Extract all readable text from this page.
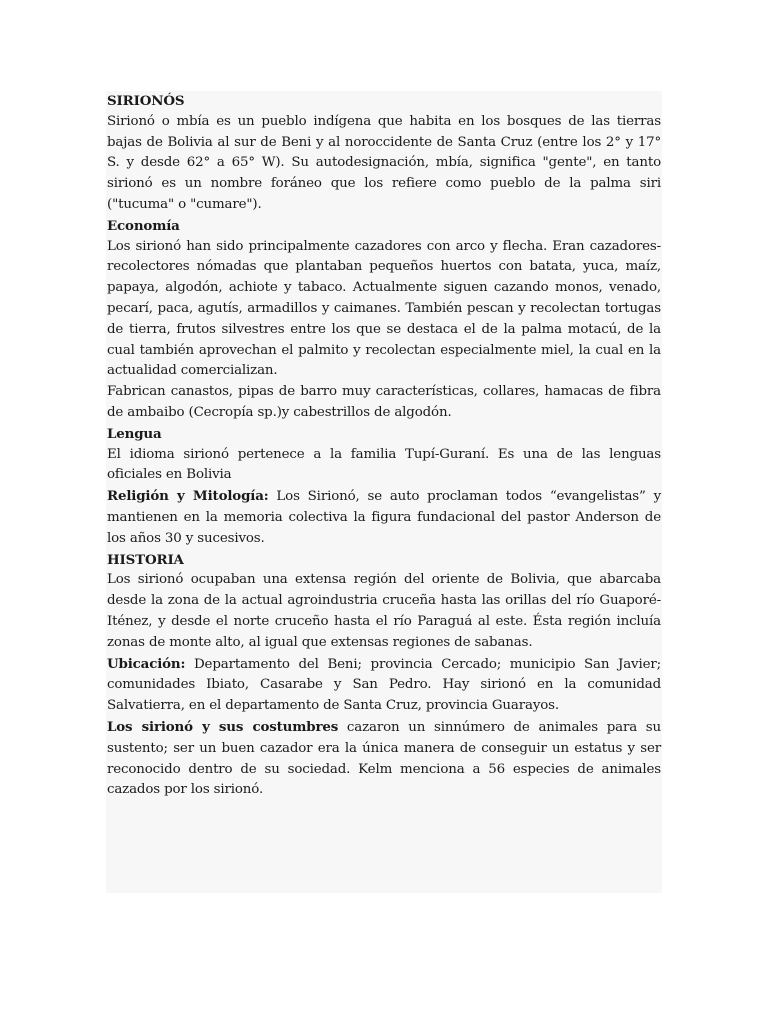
SIRIONÓS

Sirionó o mbía es un pueblo indígena que habita en los bosques de las tierras bajas de Bolivia al sur de Beni y al noroccidente de Santa Cruz (entre los 2° y 17° S. y desde 62° a 65° W). Su autodesignación, mbía, significa "gente", en tanto sirionó es un nombre foráneo que los refiere como pueblo de la palma siri ("tucuma" o "cumare").

Economía

Los sirionó han sido principalmente cazadores con arco y flecha. Eran cazadores-recolectores nómadas que plantaban pequeños huertos con batata, yuca, maíz, papaya, algodón, achiote y tabaco. Actualmente siguen cazando monos, venado, pecarí, paca, agutís, armadillos y caimanes. También pescan y recolectan tortugas de tierra, frutos silvestres entre los que se destaca el de la palma motacú, de la cual también aprovechan el palmito y recolectan especialmente miel, la cual en la actualidad comercializan.

Fabrican canastos, pipas de barro muy características, collares, hamacas de fibra de ambaibo (Cecropía sp.)y cabestrillos de algodón.

Lengua

El idioma sirionó pertenece a la familia Tupí-Guraní. Es una de las lenguas oficiales en Bolivia

Religión y Mitología: Los Sirionó, se auto proclaman todos “evangelistas” y mantienen en la memoria colectiva la figura fundacional del pastor Anderson de los años 30 y sucesivos.

HISTORIA

Los sirionó ocupaban una extensa región del oriente de Bolivia, que abarcaba desde la zona de la actual agroindustria cruceña hasta las orillas del río Guaporé-Iténez, y desde el norte cruceño hasta el río Paraguá al este. Ésta región incluía zonas de monte alto, al igual que extensas regiones de sabanas.

Ubicación: Departamento del Beni; provincia Cercado; municipio San Javier; comunidades Ibiato, Casarabe y San Pedro. Hay sirionó en la comunidad Salvatierra, en el departamento de Santa Cruz, provincia Guarayos.

Los sirionó y sus costumbres cazaron un sinnúmero de animales para su sustento; ser un buen cazador era la única manera de conseguir un estatus y ser reconocido dentro de su sociedad. Kelm menciona a 56 especies de animales cazados por los sirionó.
